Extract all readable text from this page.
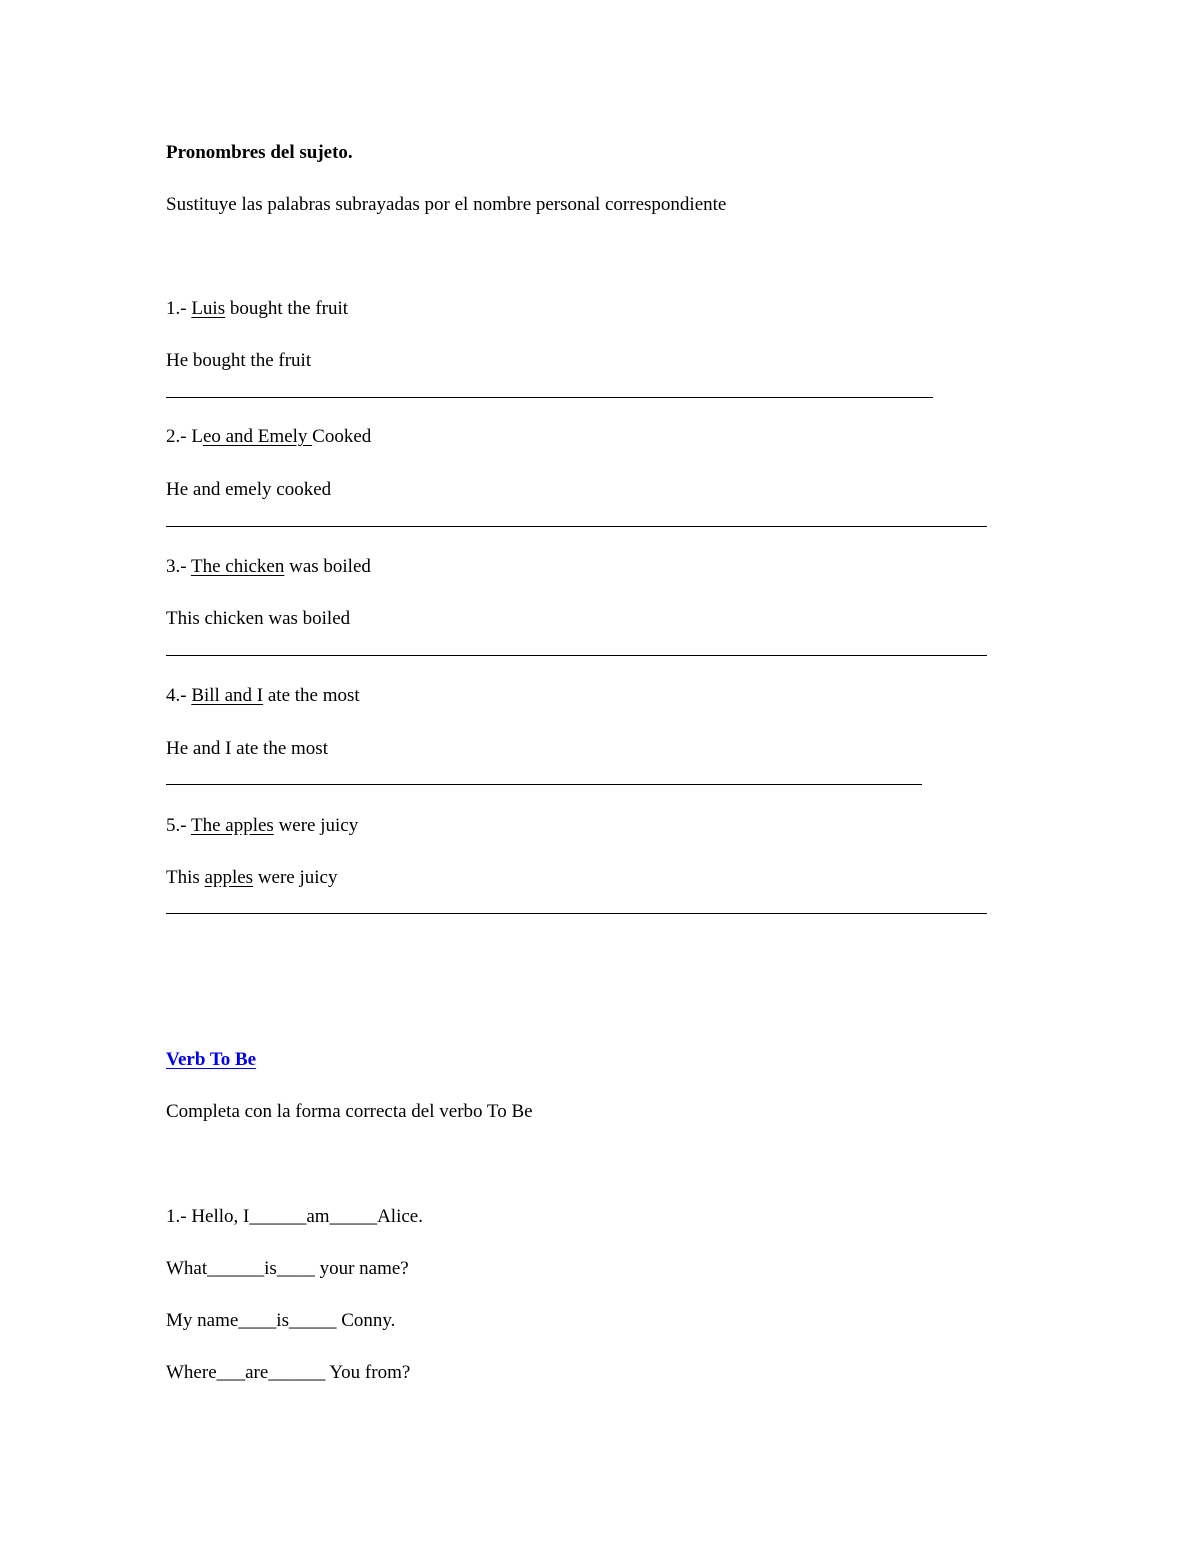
Pronombres del sujeto.
Sustituye las palabras subrayadas por el nombre personal correspondiente
1.- Luis bought the fruit
He bought the fruit
2.- Leo and Emely Cooked
He and emely cooked
3.- The chicken was boiled
This chicken was boiled
4.- Bill and I ate the most
He and I ate the most
5.- The apples were juicy
This apples were juicy
Verb To Be
Completa con la forma correcta del verbo To Be
1.- Hello, I______am_____Alice.
What______is____ your name?
My name____is_____ Conny.
Where___are______ You from?
